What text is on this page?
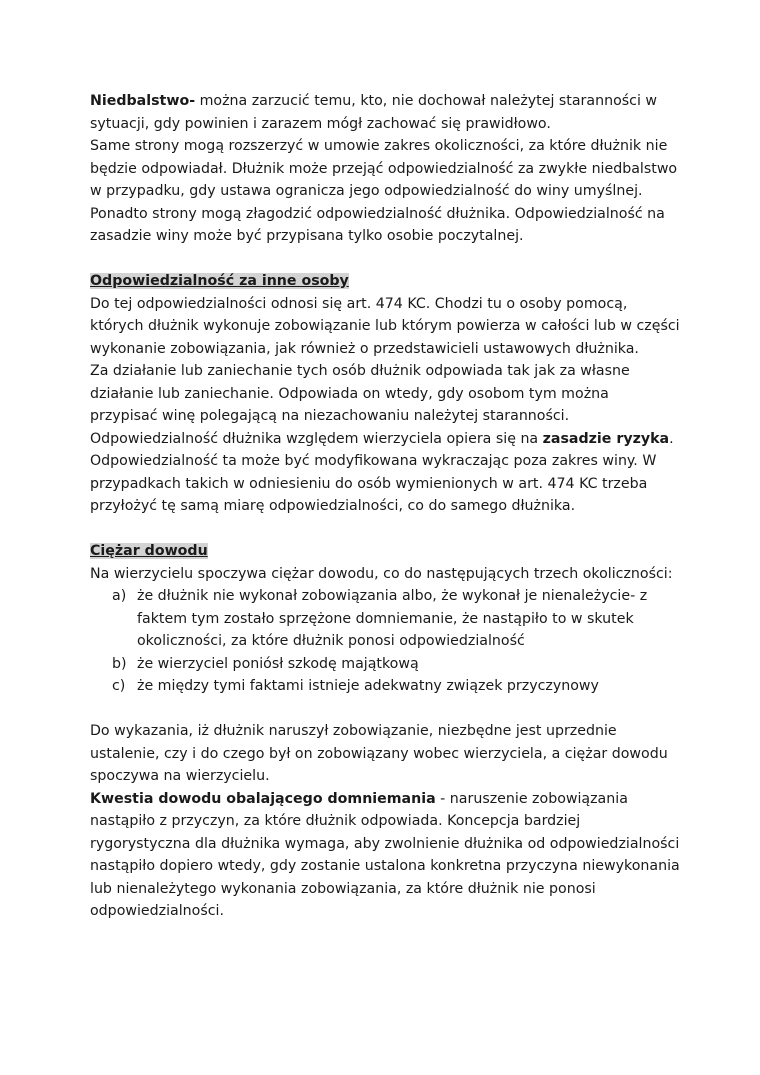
Niedbalstwo- można zarzucić temu, kto, nie dochował należytej staranności w sytuacji, gdy powinien i zarazem mógł zachować się prawidłowo.

Same strony mogą rozszerzyć w umowie zakres okoliczności, za które dłużnik nie będzie odpowiadał. Dłużnik może przejąć odpowiedzialność za zwykłe niedbalstwo w przypadku, gdy ustawa ogranicza jego odpowiedzialność do winy umyślnej. Ponadto strony mogą złagodzić odpowiedzialność dłużnika. Odpowiedzialność na zasadzie winy może być przypisana tylko osobie poczytalnej.

Odpowiedzialność za inne osoby

Do tej odpowiedzialności odnosi się art. 474 KC. Chodzi tu o osoby pomocą, których dłużnik wykonuje zobowiązanie lub którym powierza w całości lub w części wykonanie zobowiązania, jak również o przedstawicieli ustawowych dłużnika.

Za działanie lub zaniechanie tych osób dłużnik odpowiada tak jak za własne działanie lub zaniechanie. Odpowiada on wtedy, gdy osobom tym można przypisać winę polegającą na niezachowaniu należytej staranności. Odpowiedzialność dłużnika względem wierzyciela opiera się na zasadzie ryzyka.

Odpowiedzialność ta może być modyfikowana wykraczając poza zakres winy. W przypadkach takich w odniesieniu do osób wymienionych w art. 474 KC trzeba przyłożyć tę samą miarę odpowiedzialności, co do samego dłużnika.

Ciężar dowodu

Na wierzycielu spoczywa ciężar dowodu, co do następujących trzech okoliczności:

a) że dłużnik nie wykonał zobowiązania albo, że wykonał je nienależycie- z faktem tym zostało sprzężone domniemanie, że nastąpiło to w skutek okoliczności, za które dłużnik ponosi odpowiedzialność
b) że wierzyciel poniósł szkodę majątkową
c) że między tymi faktami istnieje adekwatny związek przyczynowy

Do wykazania, iż dłużnik naruszył zobowiązanie, niezbędne jest uprzednie ustalenie, czy i do czego był on zobowiązany wobec wierzyciela, a ciężar dowodu spoczywa na wierzycielu.

Kwestia dowodu obalającego domniemania - naruszenie zobowiązania nastąpiło z przyczyn, za które dłużnik odpowiada. Koncepcja bardziej rygorystyczna dla dłużnika wymaga, aby zwolnienie dłużnika od odpowiedzialności nastąpiło dopiero wtedy, gdy zostanie ustalona konkretna przyczyna niewykonania lub nienależytego wykonania zobowiązania, za które dłużnik nie ponosi odpowiedzialności.
